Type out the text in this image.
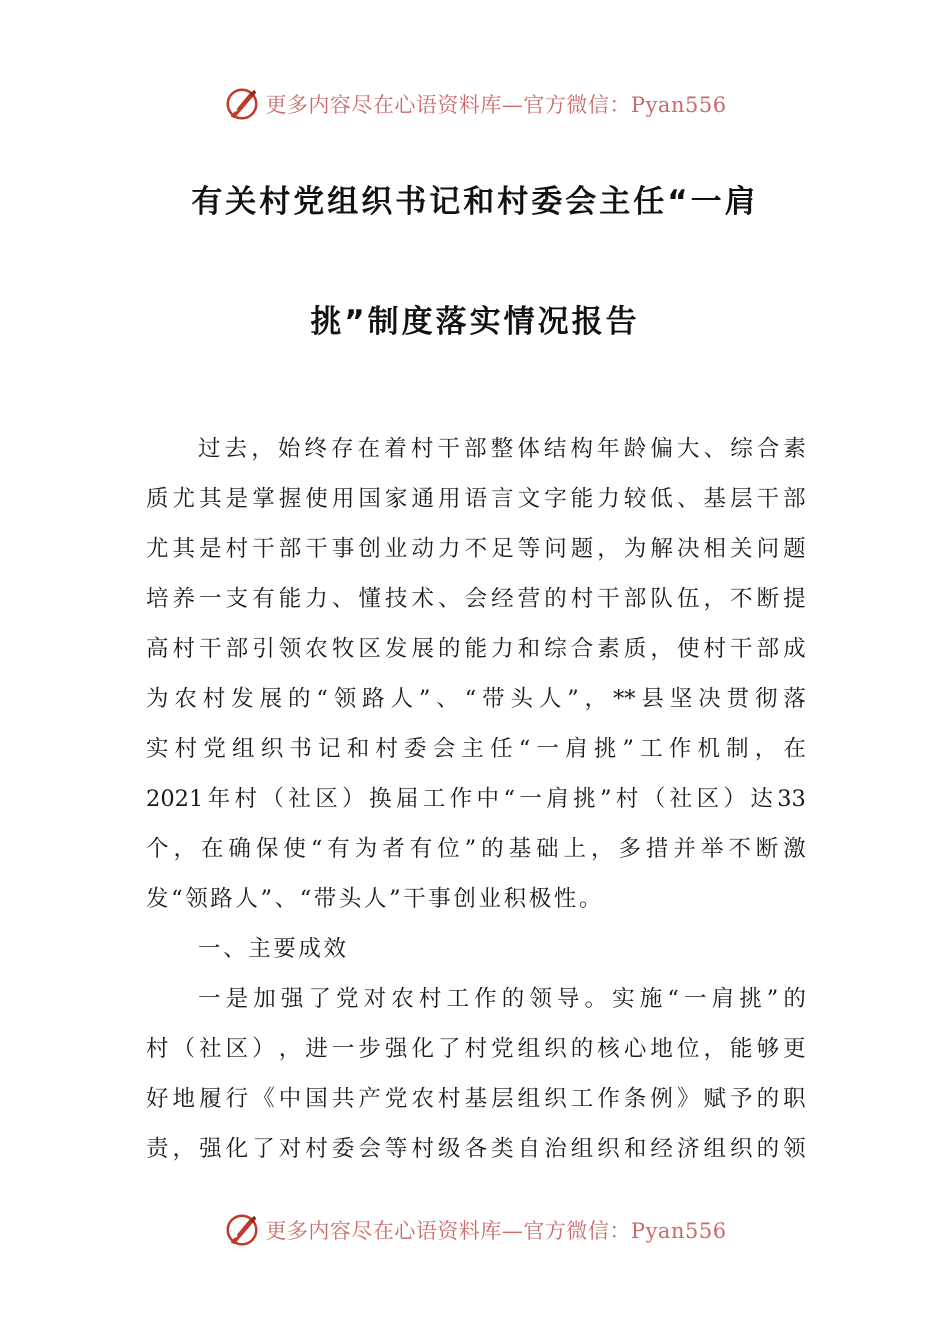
更多内容尽在心语资料库—官方微信：Pyan556
有关村党组织书记和村委会主任“一肩
挑”制度落实情况报告
过 去 ， 始 终 存 在 着 村 干 部 整 体 结 构 年 龄 偏 大 、 综 合 素
质 尤 其 是 掌 握 使 用 国 家 通 用 语 言 文 字 能 力 较 低 、 基 层 干 部
尤 其 是 村 干 部 干 事 创 业 动 力 不 足 等 问 题 ， 为 解 决 相 关 问 题
培 养 一 支 有 能 力 、 懂 技 术 、 会 经 营 的 村 干 部 队 伍 ， 不 断 提
高 村 干 部 引 领 农 牧 区 发 展 的 能 力 和 综 合 素 质 ， 使 村 干 部 成
为 农 村 发 展 的 “ 领 路 人 ” 、 “ 带 头 人 ” ， ** 县 坚 决 贯 彻 落
实 村 党 组 织 书 记 和 村 委 会 主 任 “ 一 肩 挑 ” 工 作 机 制 ， 在
2021 年 村 （ 社 区 ） 换 届 工 作 中 “ 一 肩 挑 ” 村 （ 社 区 ） 达 33
个 ， 在 确 保 使 “ 有 为 者 有 位 ” 的 基 础 上 ， 多 措 并 举 不 断 激
发“领路人”、“带头人”干事创业积极性。
一、主要成效
一 是 加 强 了 党 对 农 村 工 作 的 领 导 。 实 施 “ 一 肩 挑 ” 的
村 （ 社 区 ） ， 进 一 步 强 化 了 村 党 组 织 的 核 心 地 位 ， 能 够 更
好 地 履 行 《 中 国 共 产 党 农 村 基 层 组 织 工 作 条 例 》 赋 予 的 职
责 ， 强 化 了 对 村 委 会 等 村 级 各 类 自 治 组 织 和 经 济 组 织 的 领
更多内容尽在心语资料库—官方微信：Pyan556
